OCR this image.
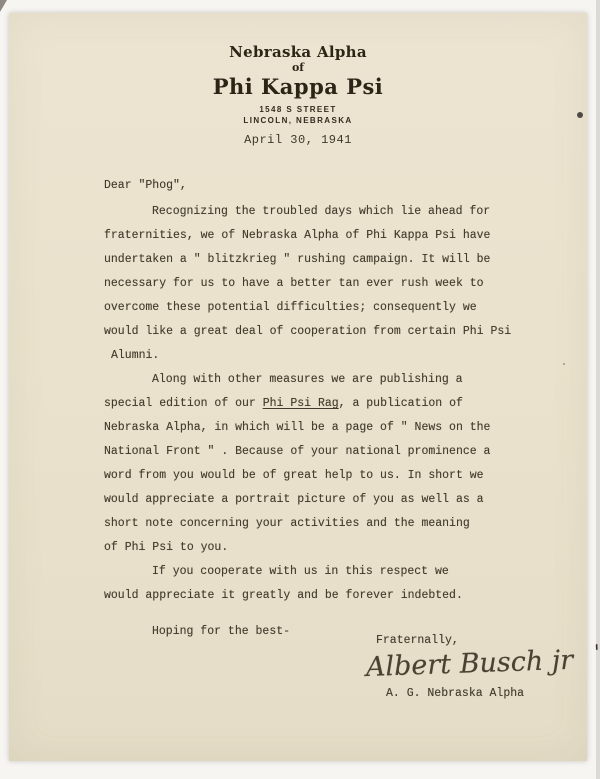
Nebraska Alpha
of
Phi Kappa Psi
1548 S STREET
LINCOLN, NEBRASKA
April 30, 1941
Dear "Phog",
Recognizing the troubled days which lie ahead for
fraternities, we of Nebraska Alpha of Phi Kappa Psi have
undertaken a " blitzkrieg " rushing campaign. It will be
necessary for us to have a better tan ever rush week to
overcome these potential difficulties; consequently we
would like a great deal of cooperation from certain Phi Psi
Alumni.
Along with other measures we are publishing a
special edition of our Phi Psi Rag, a publication of
Nebraska Alpha, in which will be a page of " News on the
National Front " . Because of your national prominence a
word from you would be of great help to us. In short we
would appreciate a portrait picture of you as well as a
short note concerning your activities and the meaning
of Phi Psi to you.
If you cooperate with us in this respect we
would appreciate it greatly and be forever indebted.
Hoping for the best-
Fraternally,
Albert Busch jr '
A. G. Nebraska Alpha
